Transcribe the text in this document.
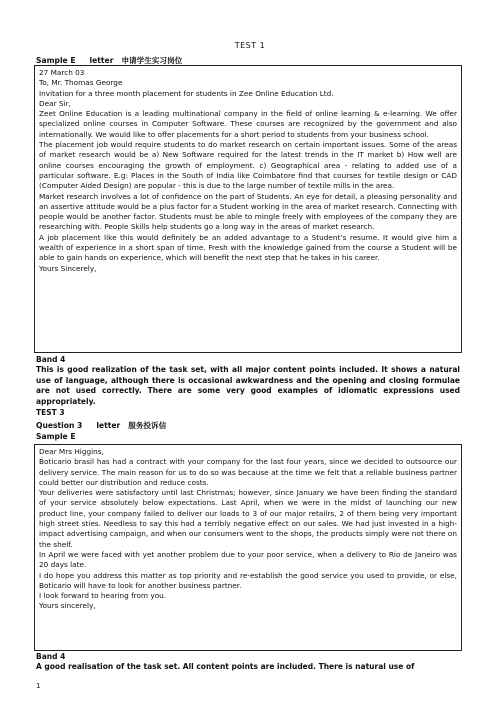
TEST 1
Sample E letter 申请学生实习岗位

27 March 03

To, Mr. Thomas George

Invitation for a three month placement for students in Zee Online Education Ltd.

Dear Sir,

Zeet Online Education is a leading multinational company in the field of online learning & e-learning. We offer specialized online courses in Computer Software. These courses are recognized by the government and also internationally. We would like to offer placements for a short period to students from your business school.

The placement job would require students to do market research on certain important issues. Some of the areas of market research would be a) New Software required for the latest trends in the IT market b) How well are online courses encouraging the growth of employment. c) Geographical area - relating to added use of a particular software. E.g: Places in the South of India like Coimbatore find that courses for textile design or CAD (Computer Aided Design) are popular - this is due to the large number of textile mills in the area.

Market research involves a lot of confidence on the part of Students. An eye for detail, a pleasing personality and an assertive attitude would be a plus factor for a Student working in the area of market research. Connecting with people would be another factor. Students must be able to mingle freely with employees of the company they are researching with. People Skills help students go a long way in the areas of market research.

A job placement like this would definitely be an added advantage to a Student’s resume. It would give him a wealth of experience in a short span of time. Fresh with the knowledge gained from the course a Student will be able to gain hands on experience, which will benefit the next step that he takes in his career.

Yours Sincerely,

Band 4
This is good realization of the task set, with all major content points included. It shows a natural use of language, although there is occasional awkwardness and the opening and closing formulae are not used correctly. There are some very good examples of idiomatic expressions used appropriately.
TEST 3
Question 3 letter 服务投诉信
Sample E

Dear Mrs Higgins,

Boticario brasil has had a contract with your company for the last four years, since we decided to outsource our delivery service. The main reason for us to do so was because at the time we felt that a reliable business partner could better our distribution and reduce costs.

Your deliveries were satisfactory until last Christmas; however, since January we have been finding the standard of your service absolutely below expectations. Last April, when we were in the midst of launching our new product line, your company failed to deliver our loads to 3 of our major retailrs, 2 of them being very important high street sties. Needless to say this had a terribly negative effect on our sales. We had just invested in a high-impact advertising campaign, and when our consumers went to the shops, the products simply were not there on the shelf.

In April we were faced with yet another problem due to your poor service, when a delivery to Rio de Janeiro was 20 days late.

I do hope you address this matter as top priority and re-establish the good service you used to provide, or else, Boticario will have to look for another business partner.

I look forward to hearing from you.

Yours sincerely,

Band 4
A good realisation of the task set. All content points are included. There is natural use of
1
